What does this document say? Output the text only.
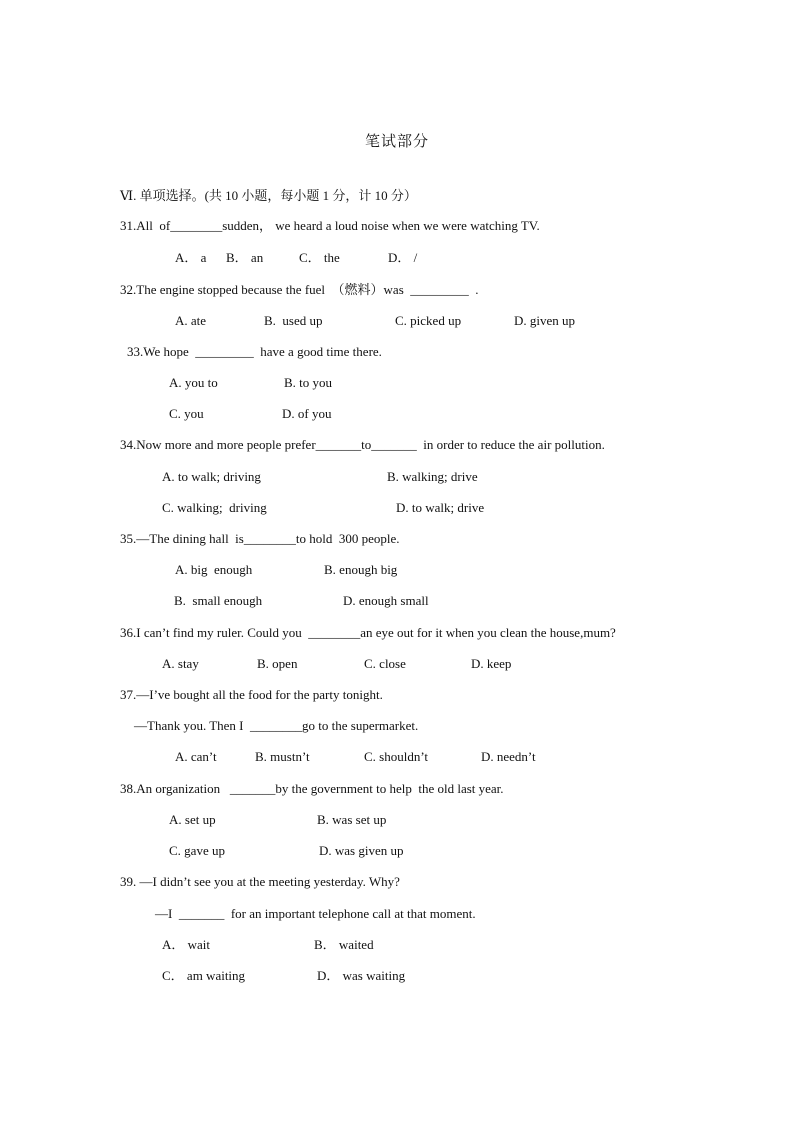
笔试部分
Ⅵ. 单项选择。(共 10 小题，每小题 1 分，计 10 分）
31.All  of________sudden， we heard a loud noise when we were watching TV.
A． a B． an	C． the	D． /
32.The engine stopped because the fuel  （燃料）was  _________  .
A. ate	B.  used up	C. picked up	D. given up
33.We hope  _________  have a good time there.
A. you to	B. to you
C. you	D. of you
34.Now more and more people prefer_______to_______  in order to reduce the air pollution.
A. to walk; driving	B. walking; drive
C. walking;  driving	D. to walk; drive
35.—The dining hall  is________to hold  300 people.
A. big  enough	B. enough big
B.  small enough	D. enough small
36.I can’t find my ruler. Could you  ________an eye out for it when you clean the house,mum?
A. stay	B. open	C. close	D. keep
37.—I’ve bought all the food for the party tonight.
—Thank you. Then I  ________go to the supermarket.
A. can’t	B. mustn’t	C. shouldn’t	D. needn’t
38.An organization   _______by the government to help  the old last year.
A. set up	B. was set up
C. gave up	D. was given up
39. —I didn’t see you at the meeting yesterday. Why?
—I  _______  for an important telephone call at that moment.
A． wait	B． waited
C． am waiting	D． was waiting
